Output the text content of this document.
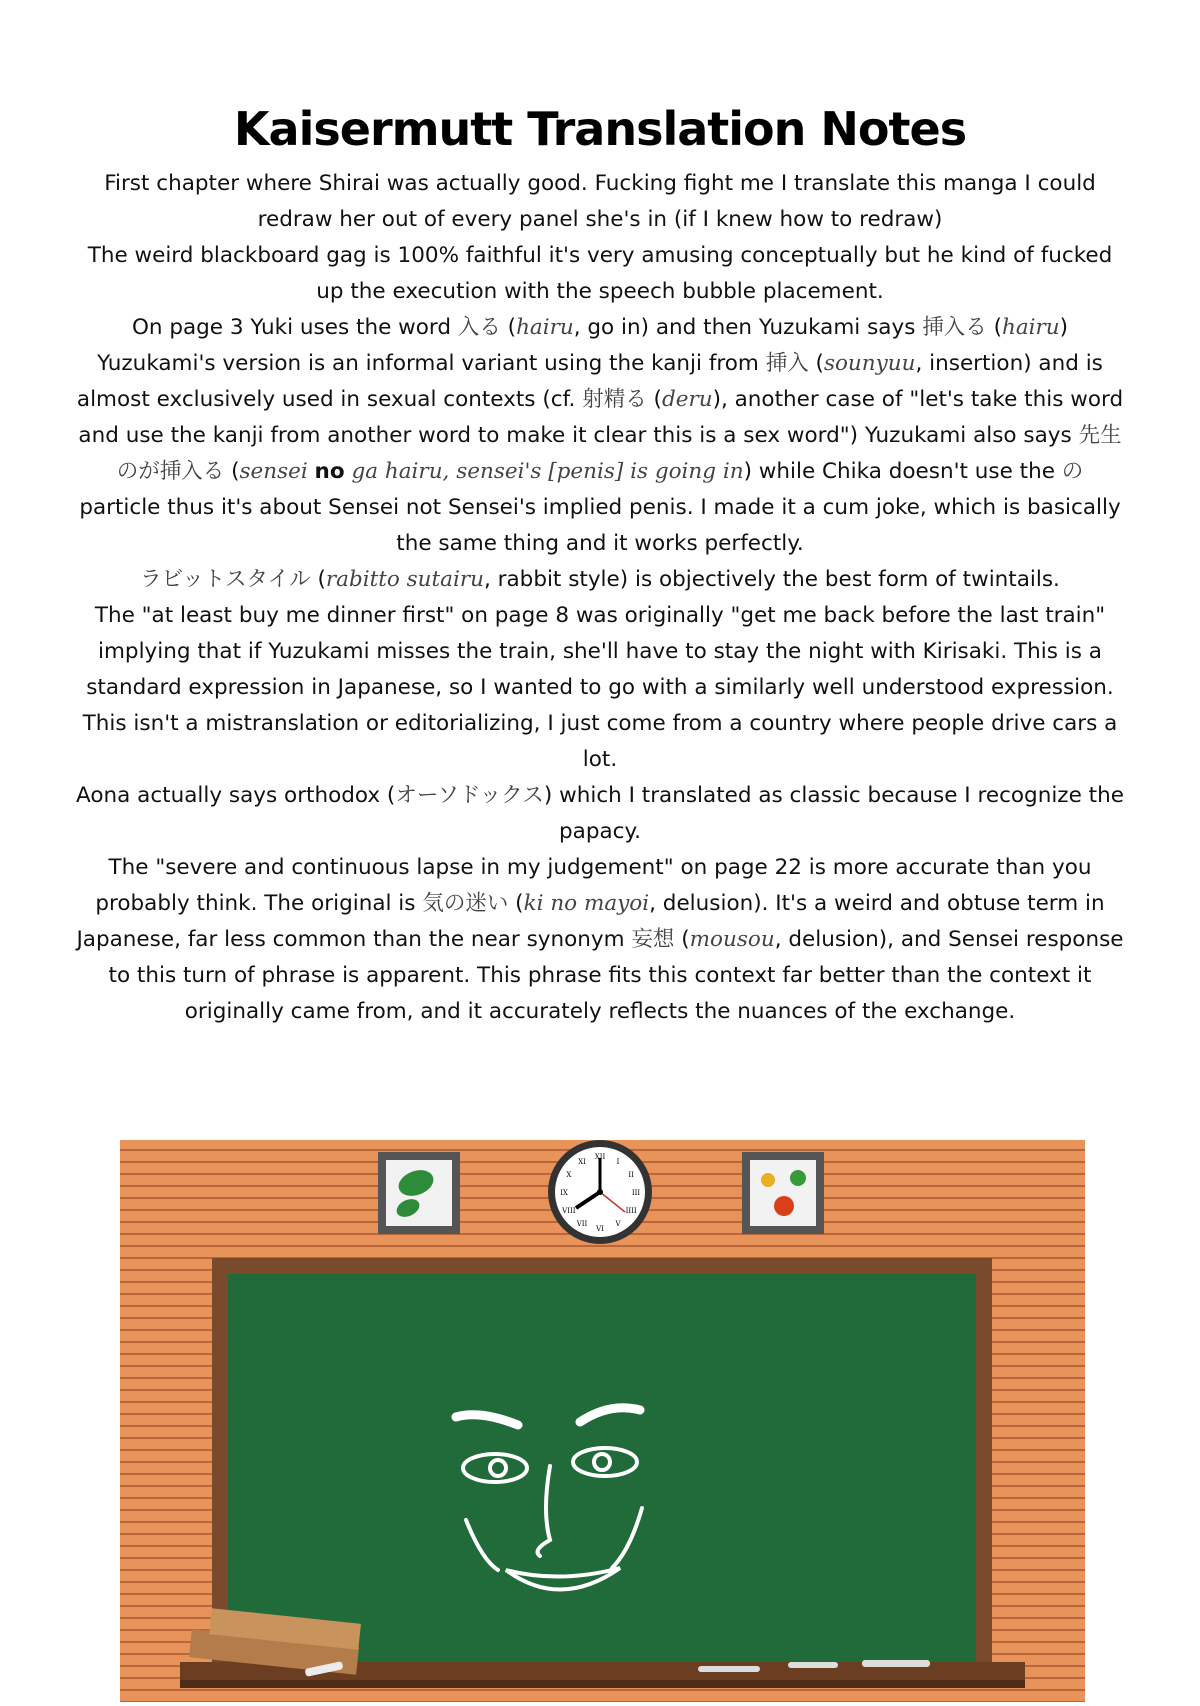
Kaisermutt Translation Notes

First chapter where Shirai was actually good. Fucking fight me I translate this manga I could redraw her out of every panel she's in (if I knew how to redraw)

The weird blackboard gag is 100% faithful it's very amusing conceptually but he kind of fucked up the execution with the speech bubble placement.

On page 3 Yuki uses the word 入る (hairu, go in) and then Yuzukami says 挿入る (hairu) Yuzukami's version is an informal variant using the kanji from 挿入 (sounyuu, insertion) and is almost exclusively used in sexual contexts (cf. 射精る (deru), another case of "let's take this word and use the kanji from another word to make it clear this is a sex word") Yuzukami also says 先生のが挿入る (sensei no ga hairu, sensei's [penis] is going in) while Chika doesn't use the の particle thus it's about Sensei not Sensei's implied penis. I made it a cum joke, which is basically the same thing and it works perfectly.

ラビットスタイル (rabitto sutairu, rabbit style) is objectively the best form of twintails.

The "at least buy me dinner first" on page 8 was originally "get me back before the last train" implying that if Yuzukami misses the train, she'll have to stay the night with Kirisaki. This is a standard expression in Japanese, so I wanted to go with a similarly well understood expression. This isn't a mistranslation or editorializing, I just come from a country where people drive cars a lot.

Aona actually says orthodox (オーソドックス) which I translated as classic because I recognize the papacy.

The "severe and continuous lapse in my judgement" on page 22 is more accurate than you probably think. The original is 気の迷い (ki no mayoi, delusion). It's a weird and obtuse term in Japanese, far less common than the near synonym 妄想 (mousou, delusion), and Sensei response to this turn of phrase is apparent. This phrase fits this context far better than the context it originally came from, and it accurately reflects the nuances of the exchange.

XII
I
II
III
IIII
V
VI
VII
VIII
IX
X
XI
